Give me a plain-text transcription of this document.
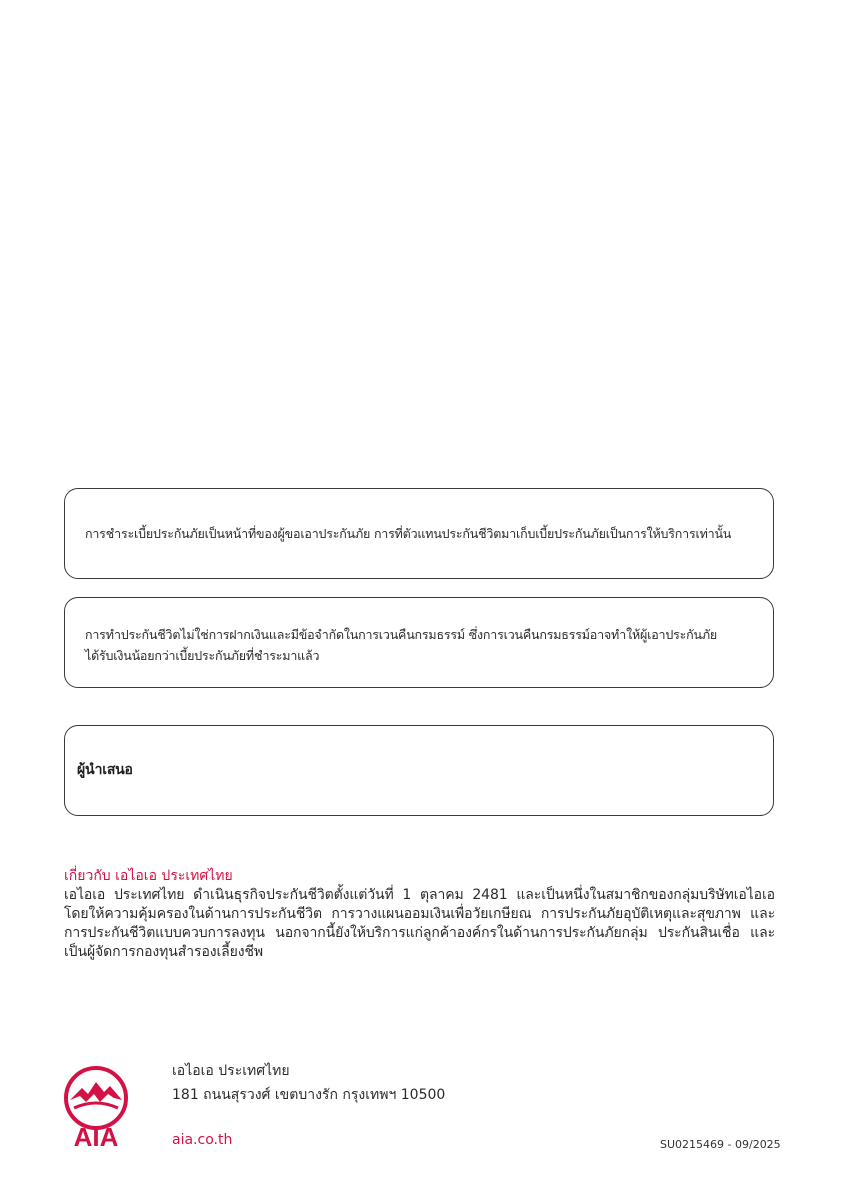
การชำระเบี้ยประกันภัยเป็นหน้าที่ของผู้ขอเอาประกันภัย การที่ตัวแทนประกันชีวิตมาเก็บเบี้ยประกันภัยเป็นการให้บริการเท่านั้น
การทำประกันชีวิตไม่ใช่การฝากเงินและมีข้อจำกัดในการเวนคืนกรมธรรม์ ซึ่งการเวนคืนกรมธรรม์อาจทำให้ผู้เอาประกันภัย
ได้รับเงินน้อยกว่าเบี้ยประกันภัยที่ชำระมาแล้ว
ผู้นำเสนอ
เกี่ยวกับ เอไอเอ ประเทศไทย
เอไอเอ ประเทศไทย ดำเนินธุรกิจประกันชีวิตตั้งแต่วันที่ 1 ตุลาคม 2481 และเป็นหนึ่งในสมาชิกของกลุ่มบริษัทเอไอเอ โดยให้ความคุ้มครองในด้านการประกันชีวิต การวางแผนออมเงินเพื่อวัยเกษียณ การประกันภัยอุบัติเหตุและสุขภาพ และการประกันชีวิตแบบควบการลงทุน นอกจากนี้ยังให้บริการแก่ลูกค้าองค์กรในด้านการประกันภัยกลุ่ม ประกันสินเชื่อ และเป็นผู้จัดการกองทุนสำรองเลี้ยงชีพ
AIA
เอไอเอ ประเทศไทย
181 ถนนสุรวงศ์ เขตบางรัก กรุงเทพฯ 10500
aia.co.th	SU0215469 - 09/2025
